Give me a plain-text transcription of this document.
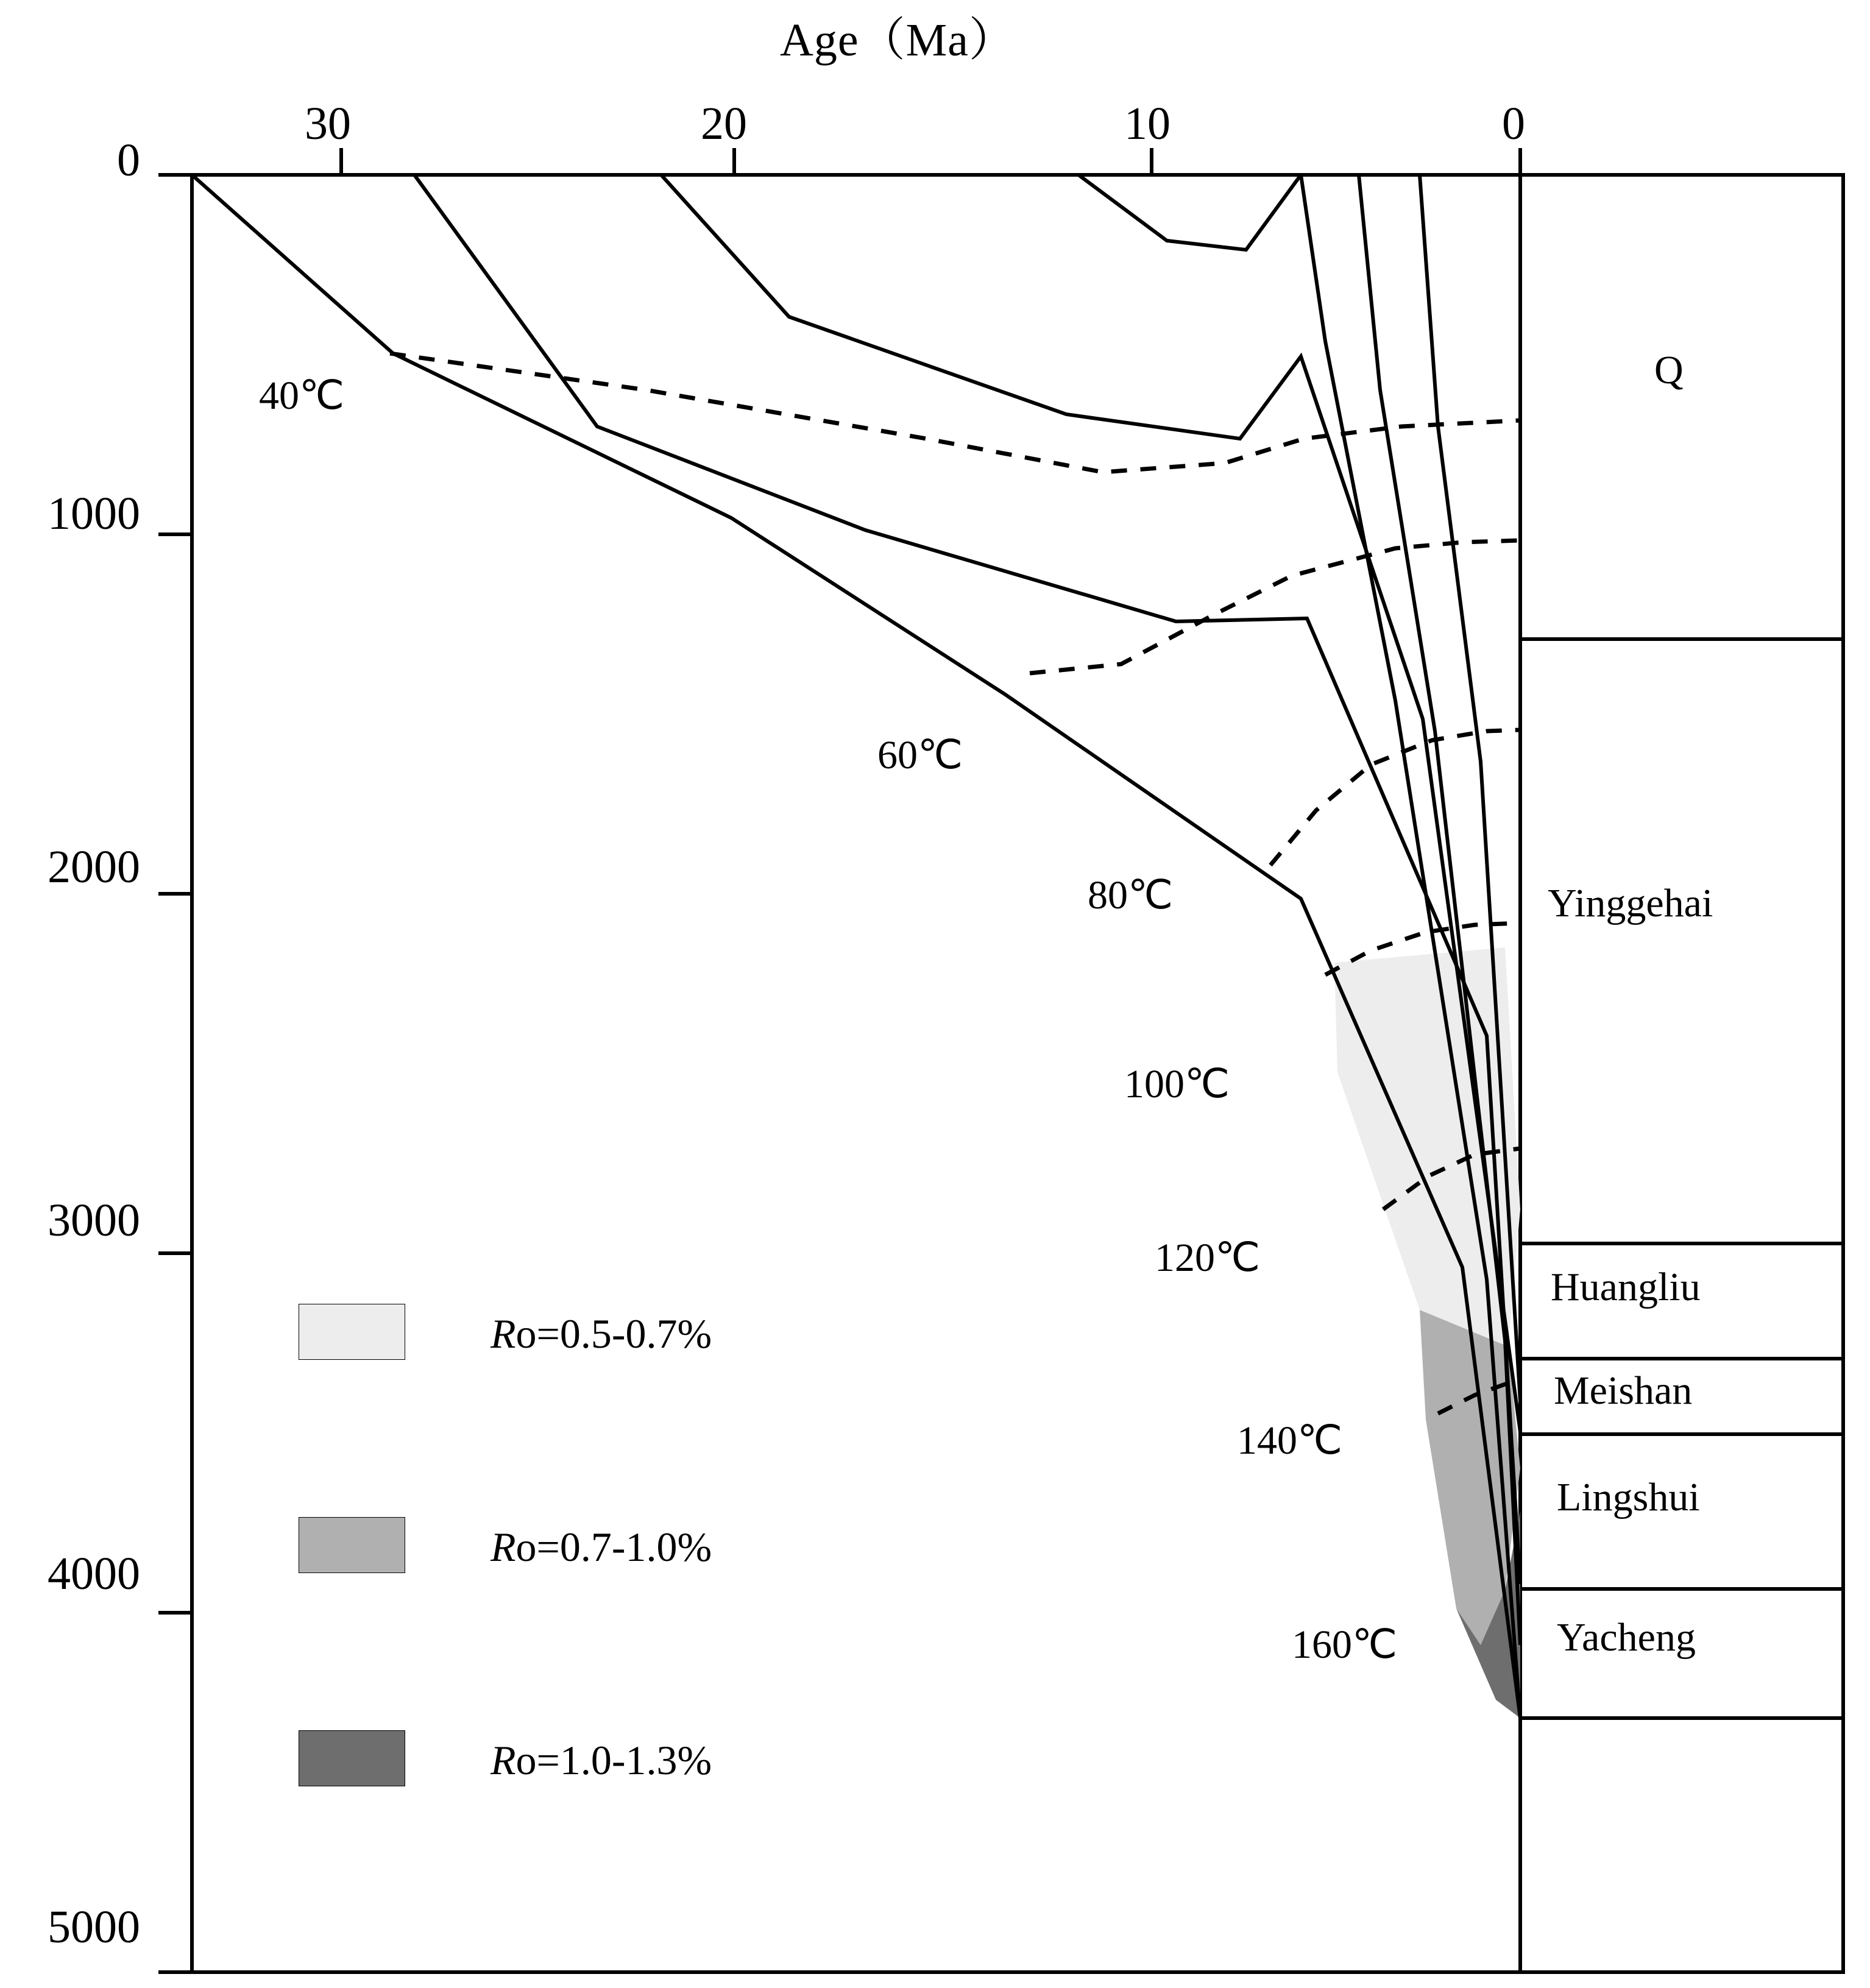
Age（Ma）
30	20	10	0
0
1000
2000
3000
4000
5000
40℃
60℃
80℃
100℃
120℃
140℃
160℃
Q
Yinggehai
Huangliu
Meishan
Lingshui
Yacheng
Ro=0.5-0.7%
Ro=0.7-1.0%
Ro=1.0-1.3%
